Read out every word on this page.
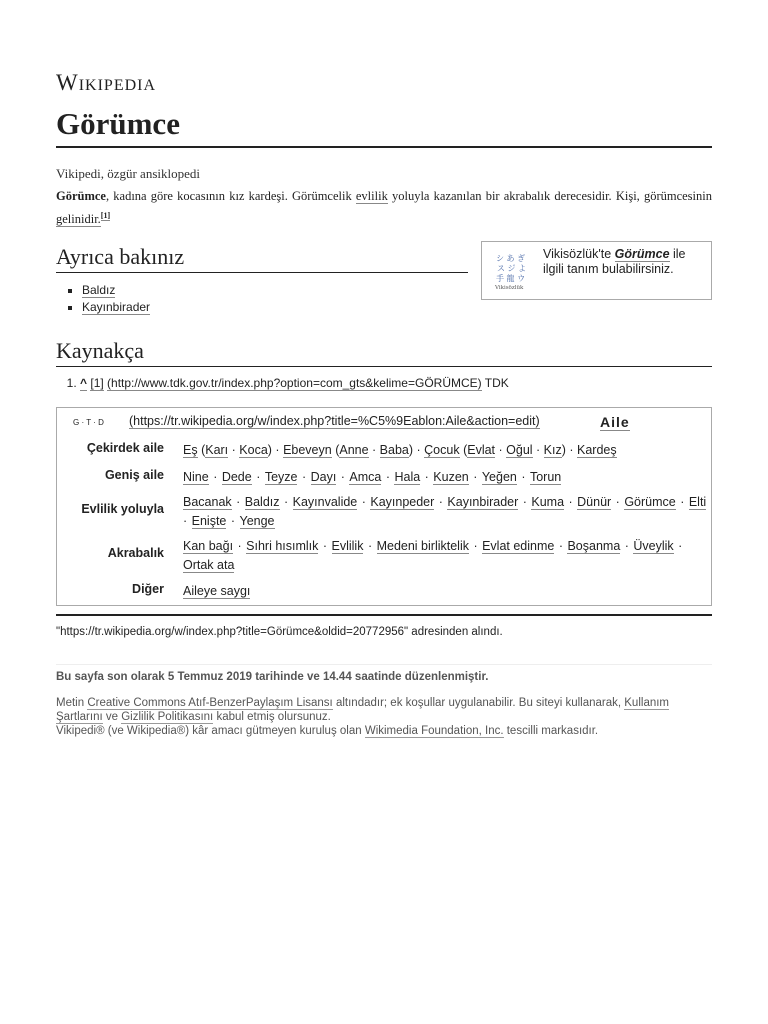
Wikipedia
Görümce
Vikipedi, özgür ansiklopedi
Görümce, kadına göre kocasının kız kardeşi. Görümcelik evlilik yoluyla kazanılan bir akrabalık derecesidir. Kişi, görümcesinin gelinidir.[1]
Ayrıca bakınız
▪ Baldız
▪ Kayınbirader
シ あ ぎ
ス ジ よ
手 龍 ウ
Vikisözlük
Vikisözlük'te Görümce ile ilgili tanım bulabilirsiniz.
Kaynakça
1. ^ [1] (http://www.tdk.gov.tr/index.php?option=com_gts&kelime=GÖRÜMCE) TDK
G · T · D (https://tr.wikipedia.org/w/index.php?title=%C5%9Eablon:Aile&action=edit)	Aile
Çekirdek aile Eş (Karı · Koca) · Ebeveyn (Anne · Baba) · Çocuk (Evlat · Oğul · Kız) · Kardeş
Geniş aile Nine · Dede · Teyze · Dayı · Amca · Hala · Kuzen · Yeğen · Torun
Evlilik yoluyla Bacanak · Baldız · Kayınvalide · Kayınpeder · Kayınbirader · Kuma · Dünür · Görümce · Elti · Enişte · Yenge
Akrabalık Kan bağı · Sıhri hısımlık · Evlilik · Medeni birliktelik · Evlat edinme · Boşanma · Üveylik · Ortak ata
Diğer Aileye saygı
"https://tr.wikipedia.org/w/index.php?title=Görümce&oldid=20772956" adresinden alındı.
Bu sayfa son olarak 5 Temmuz 2019 tarihinde ve 14.44 saatinde düzenlenmiştir.
Metin Creative Commons Atıf-BenzerPaylaşım Lisansı altındadır; ek koşullar uygulanabilir. Bu siteyi kullanarak, Kullanım Şartlarını ve Gizlilik Politikasını kabul etmiş olursunuz.
Vikipedi® (ve Wikipedia®) kâr amacı gütmeyen kuruluş olan Wikimedia Foundation, Inc. tescilli markasıdır.
